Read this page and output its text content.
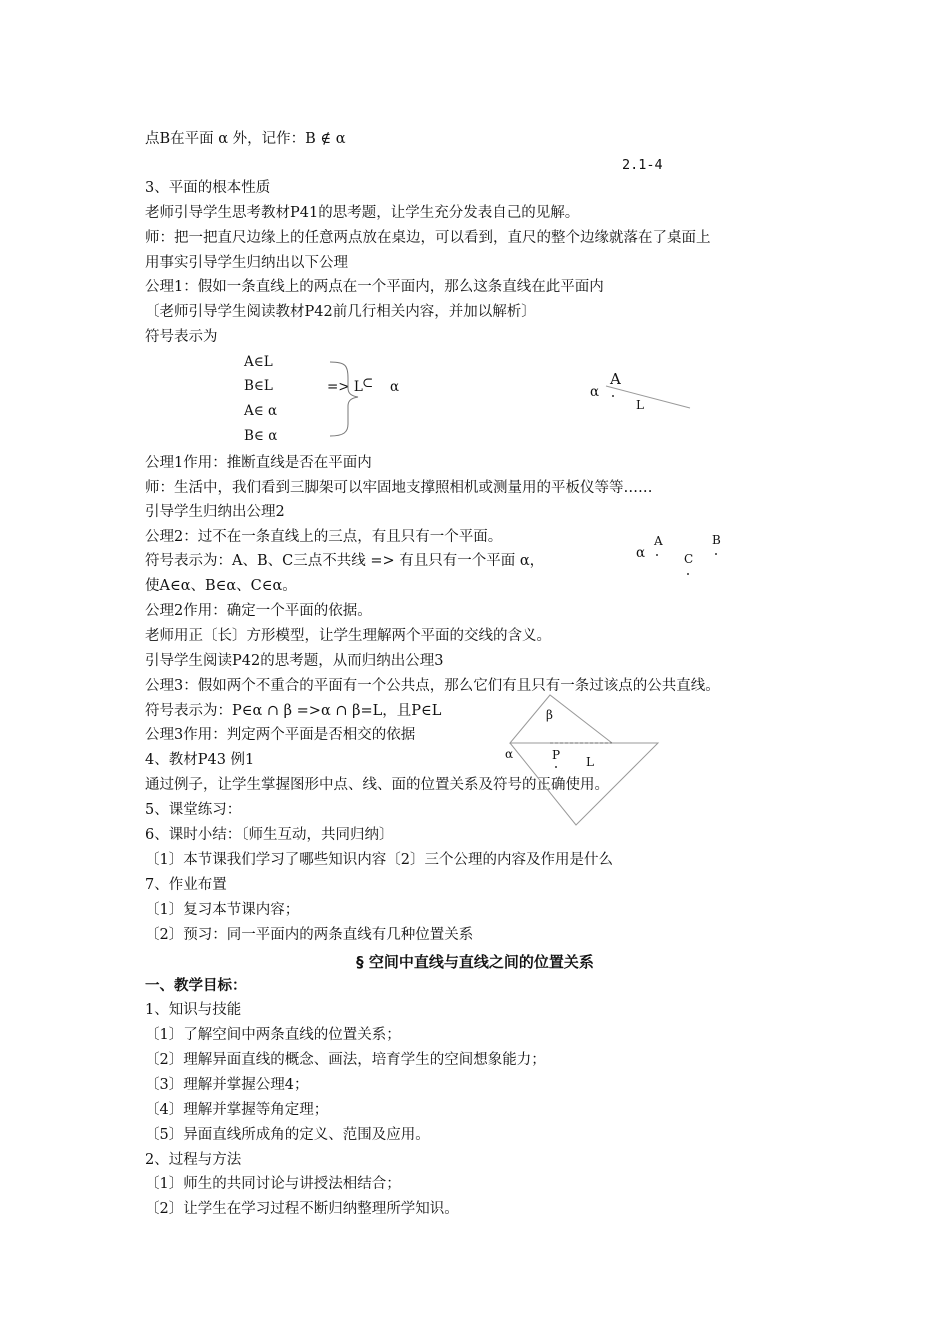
点B在平面 α 外，记作：B ∉ α
2.1-4
3、平面的根本性质
老师引导学生思考教材P41的思考题，让学生充分发表自己的见解。
师：把一把直尺边缘上的任意两点放在桌边，可以看到，直尺的整个边缘就落在了桌面上
用事实引导学生归纳出以下公理
公理1：假如一条直线上的两点在一个平面内，那么这条直线在此平面内
〔老师引导学生阅读教材P42前几行相关内容，并加以解析〕
符号表示为
A∈L
B∈L
A∈ α
B∈ α
=> L ⊂ α
公理1作用：推断直线是否在平面内
师：生活中，我们看到三脚架可以牢固地支撑照相机或测量用的平板仪等等……
引导学生归纳出公理2
公理2：过不在一条直线上的三点，有且只有一个平面。
符号表示为：A、B、C三点不共线 => 有且只有一个平面 α，
使A∈α、B∈α、C∈α。
公理2作用：确定一个平面的依据。
老师用正〔长〕方形模型，让学生理解两个平面的交线的含义。
引导学生阅读P42的思考题，从而归纳出公理3
公理3：假如两个不重合的平面有一个公共点，那么它们有且只有一条过该点的公共直线。
符号表示为：P∈α ∩ β =>α ∩ β=L，且P∈L
公理3作用：判定两个平面是否相交的依据
4、教材P43 例1
通过例子，让学生掌握图形中点、线、面的位置关系及符号的正确使用。
5、课堂练习：
6、课时小结：〔师生互动，共同归纳〕
〔1〕本节课我们学习了哪些知识内容〔2〕三个公理的内容及作用是什么
7、作业布置
〔1〕复习本节课内容；
〔2〕预习：同一平面内的两条直线有几种位置关系
§ 空间中直线与直线之间的位置关系
一、教学目标：
1、知识与技能
〔1〕了解空间中两条直线的位置关系；
〔2〕理解异面直线的概念、画法，培育学生的空间想象能力；
〔3〕理解并掌握公理4；
〔4〕理解并掌握等角定理；
〔5〕异面直线所成角的定义、范围及应用。
2、过程与方法
〔1〕师生的共同讨论与讲授法相结合；
〔2〕让学生在学习过程不断归纳整理所学知识。
α
A
L
α
A	B
C
β
α	P L
